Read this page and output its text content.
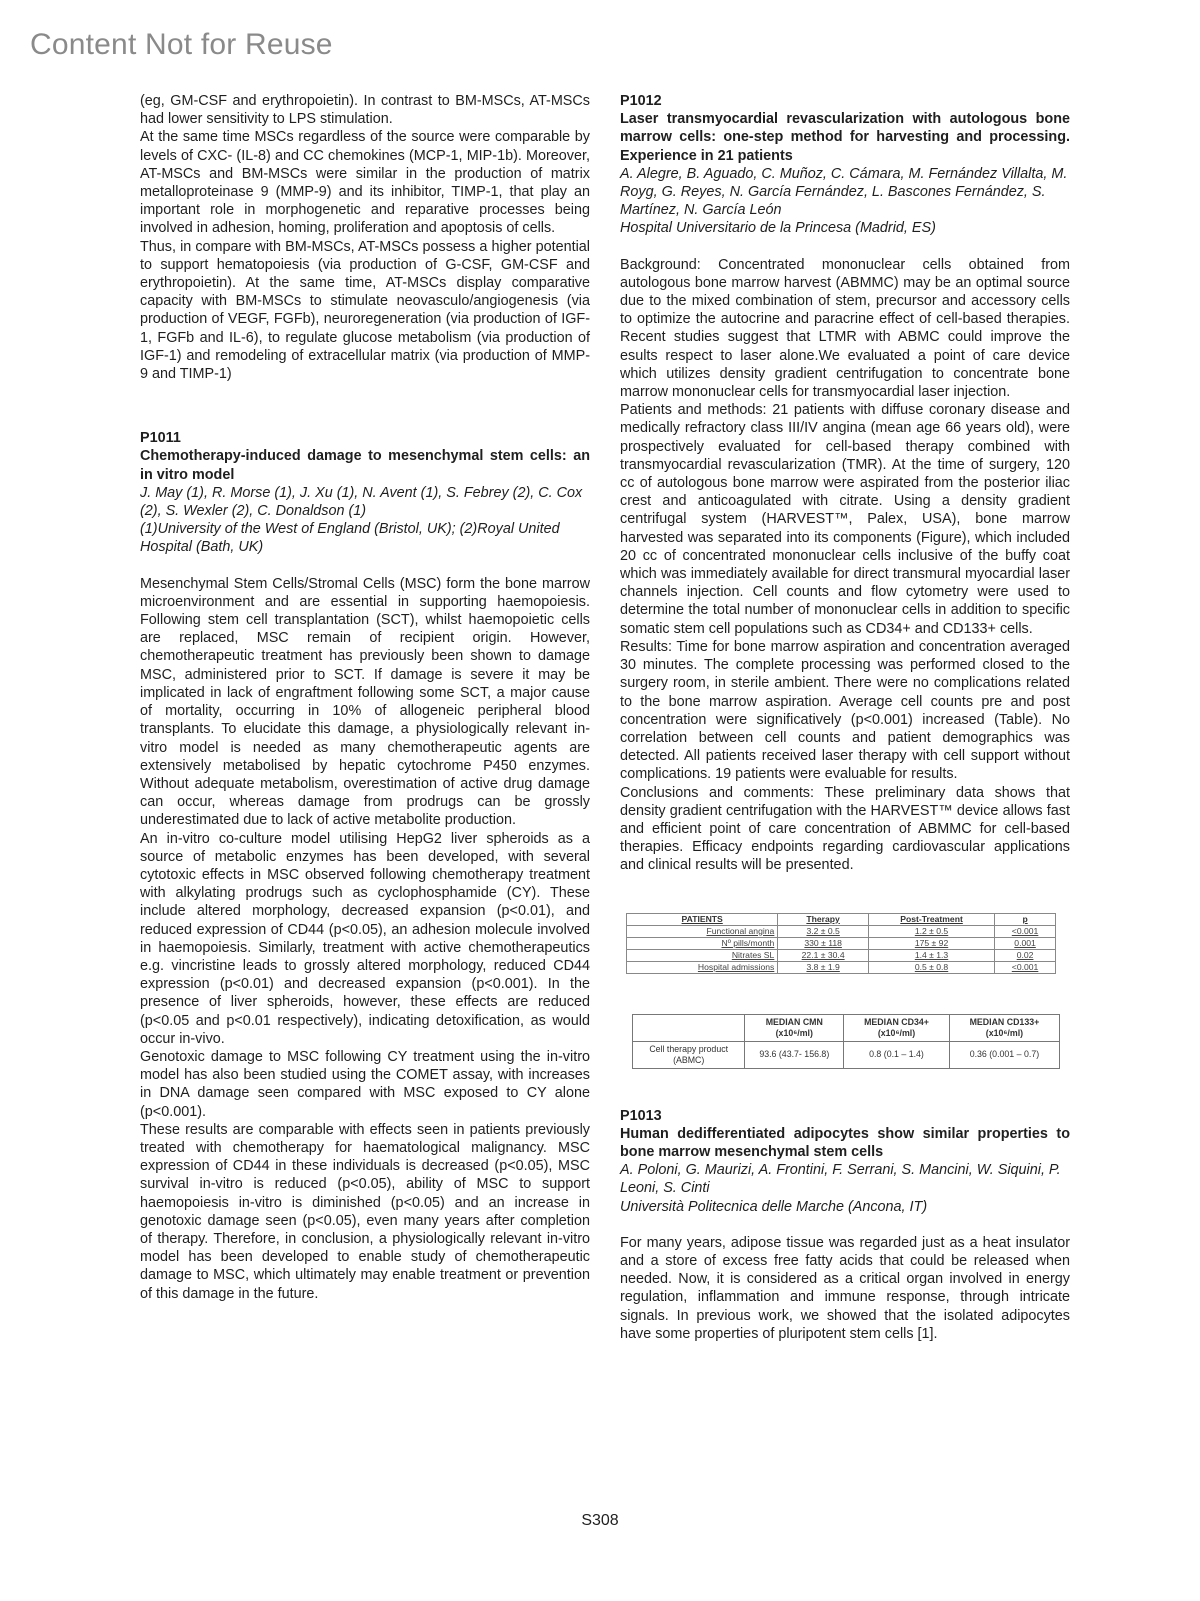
Content Not for Reuse

(eg, GM-CSF and erythropoietin). In contrast to BM-MSCs, AT-MSCs had lower sensitivity to LPS stimulation.

At the same time MSCs regardless of the source were comparable by levels of CXC- (IL-8) and CC chemokines (MCP-1, MIP-1b). Moreover, AT-MSCs and BM-MSCs were similar in the production of matrix metalloproteinase 9 (MMP-9) and its inhibitor, TIMP-1, that play an important role in morphogenetic and reparative processes being involved in adhesion, homing, proliferation and apoptosis of cells.

Thus, in compare with BM-MSCs, AT-MSCs possess a higher potential to support hematopoiesis (via production of G-CSF, GM-CSF and erythropoietin). At the same time, AT-MSCs display comparative capacity with BM-MSCs to stimulate neovasculo/angiogenesis (via production of VEGF, FGFb), neuroregeneration (via production of IGF-1, FGFb and IL-6), to regulate glucose metabolism (via production of IGF-1) and remodeling of extracellular matrix (via production of MMP-9 and TIMP-1)

P1011

Chemotherapy-induced damage to mesenchymal stem cells: an in vitro model

J. May (1), R. Morse (1), J. Xu (1), N. Avent (1), S. Febrey (2), C. Cox (2), S. Wexler (2), C. Donaldson (1)

(1)University of the West of England (Bristol, UK); (2)Royal United Hospital (Bath, UK)

Mesenchymal Stem Cells/Stromal Cells (MSC) form the bone marrow microenvironment and are essential in supporting haemopoiesis. Following stem cell transplantation (SCT), whilst haemopoietic cells are replaced, MSC remain of recipient origin. However, chemotherapeutic treatment has previously been shown to damage MSC, administered prior to SCT. If damage is severe it may be implicated in lack of engraftment following some SCT, a major cause of mortality, occurring in 10% of allogeneic peripheral blood transplants. To elucidate this damage, a physiologically relevant in-vitro model is needed as many chemotherapeutic agents are extensively metabolised by hepatic cytochrome P450 enzymes. Without adequate metabolism, overestimation of active drug damage can occur, whereas damage from prodrugs can be grossly underestimated due to lack of active metabolite production.

An in-vitro co-culture model utilising HepG2 liver spheroids as a source of metabolic enzymes has been developed, with several cytotoxic effects in MSC observed following chemotherapy treatment with alkylating prodrugs such as cyclophosphamide (CY). These include altered morphology, decreased expansion (p<0.01), and reduced expression of CD44 (p<0.05), an adhesion molecule involved in haemopoiesis. Similarly, treatment with active chemotherapeutics e.g. vincristine leads to grossly altered morphology, reduced CD44 expression (p<0.01) and decreased expansion (p<0.001). In the presence of liver spheroids, however, these effects are reduced (p<0.05 and p<0.01 respectively), indicating detoxification, as would occur in-vivo.

Genotoxic damage to MSC following CY treatment using the in-vitro model has also been studied using the COMET assay, with increases in DNA damage seen compared with MSC exposed to CY alone (p<0.001).

These results are comparable with effects seen in patients previously treated with chemotherapy for haematological malignancy. MSC expression of CD44 in these individuals is decreased (p<0.05), MSC survival in-vitro is reduced (p<0.05), ability of MSC to support haemopoiesis in-vitro is diminished (p<0.05) and an increase in genotoxic damage seen (p<0.05), even many years after completion of therapy. Therefore, in conclusion, a physiologically relevant in-vitro model has been developed to enable study of chemotherapeutic damage to MSC, which ultimately may enable treatment or prevention of this damage in the future.

P1012

Laser transmyocardial revascularization with autologous bone marrow cells: one-step method for harvesting and processing. Experience in 21 patients

A. Alegre, B. Aguado, C. Muñoz, C. Cámara, M. Fernández Villalta, M. Royg, G. Reyes, N. García Fernández, L. Bascones Fernández, S. Martínez, N. García León

Hospital Universitario de la Princesa (Madrid, ES)

Background: Concentrated mononuclear cells obtained from autologous bone marrow harvest (ABMMC) may be an optimal source due to the mixed combination of stem, precursor and accessory cells to optimize the autocrine and paracrine effect of cell-based therapies. Recent studies suggest that LTMR with ABMC could improve the esults respect to laser alone.We evaluated a point of care device which utilizes density gradient centrifugation to concentrate bone marrow mononuclear cells for transmyocardial laser injection.

Patients and methods: 21 patients with diffuse coronary disease and medically refractory class III/IV angina (mean age 66 years old), were prospectively evaluated for cell-based therapy combined with transmyocardial revascularization (TMR). At the time of surgery, 120 cc of autologous bone marrow were aspirated from the posterior iliac crest and anticoagulated with citrate. Using a density gradient centrifugal system (HARVEST™, Palex, USA), bone marrow harvested was separated into its components (Figure), which included 20 cc of concentrated mononuclear cells inclusive of the buffy coat which was immediately available for direct transmural myocardial laser channels injection. Cell counts and flow cytometry were used to determine the total number of mononuclear cells in addition to specific somatic stem cell populations such as CD34+ and CD133+ cells.

Results: Time for bone marrow aspiration and concentration averaged 30 minutes. The complete processing was performed closed to the surgery room, in sterile ambient. There were no complications related to the bone marrow aspiration. Average cell counts pre and post concentration were significatively (p<0.001) increased (Table). No correlation between cell counts and patient demographics was detected. All patients received laser therapy with cell support without complications. 19 patients were evaluable for results.

Conclusions and comments: These preliminary data shows that density gradient centrifugation with the HARVEST™ device allows fast and efficient point of care concentration of ABMMC for cell-based therapies. Efficacy endpoints regarding cardiovascular applications and clinical results will be presented.

PATIENTS	Therapy	Post-Treatment	p
Functional angina	3.2 ± 0.5	1.2 ± 0.5	<0.001
Nº pills/month	330 ± 118	175 ± 92	0.001
Nitrates SL	22.1 ± 30.4	1.4 ± 1.3	0.02
Hospital admissions	3.8 ± 1.9	0.5 ± 0.8	<0.001
	MEDIAN CMN (x10⁶/ml)	MEDIAN CD34+ (x10⁶/ml)	MEDIAN CD133+ (x10⁶/ml)
Cell therapy product (ABMC)	93.6 (43.7- 156.8)	0.8 (0.1 – 1.4)	0.36 (0.001 – 0.7)

P1013

Human dedifferentiated adipocytes show similar properties to bone marrow mesenchymal stem cells

A. Poloni, G. Maurizi, A. Frontini, F. Serrani, S. Mancini, W. Siquini, P. Leoni, S. Cinti

Università Politecnica delle Marche (Ancona, IT)

For many years, adipose tissue was regarded just as a heat insulator and a store of excess free fatty acids that could be released when needed. Now, it is considered as a critical organ involved in energy regulation, inflammation and immune response, through intricate signals. In previous work, we showed that the isolated adipocytes have some properties of pluripotent stem cells [1].

S308
